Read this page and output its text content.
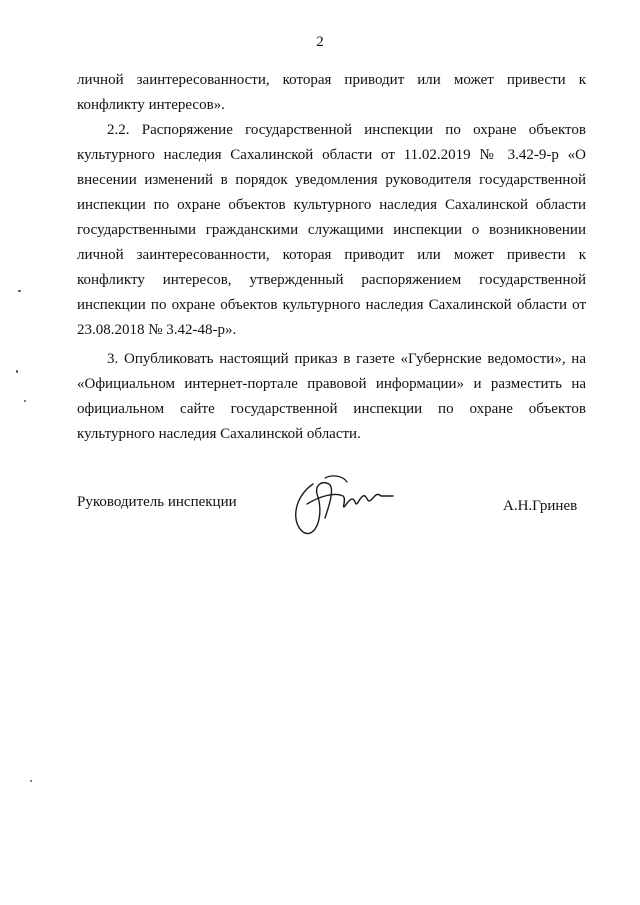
2

личной заинтересованности, которая приводит или может привести к конфликту интересов».

2.2. Распоряжение государственной инспекции по охране объектов культурного наследия Сахалинской области от 11.02.2019 № 3.42-9-р «О внесении изменений в порядок уведомления руководителя государственной инспекции по охране объектов культурного наследия Сахалинской области государственными гражданскими служащими инспекции о возникновении личной заинтересованности, которая приводит или может привести к конфликту интересов, утвержденный распоряжением государственной инспекции по охране объектов культурного наследия Сахалинской области от 23.08.2018 № 3.42-48-р».

3. Опубликовать настоящий приказ в газете «Губернские ведомости», на «Официальном интернет-портале правовой информации» и разместить на официальном сайте государственной инспекции по охране объектов культурного наследия Сахалинской области.

Руководитель инспекции	А.Н.Гринев
